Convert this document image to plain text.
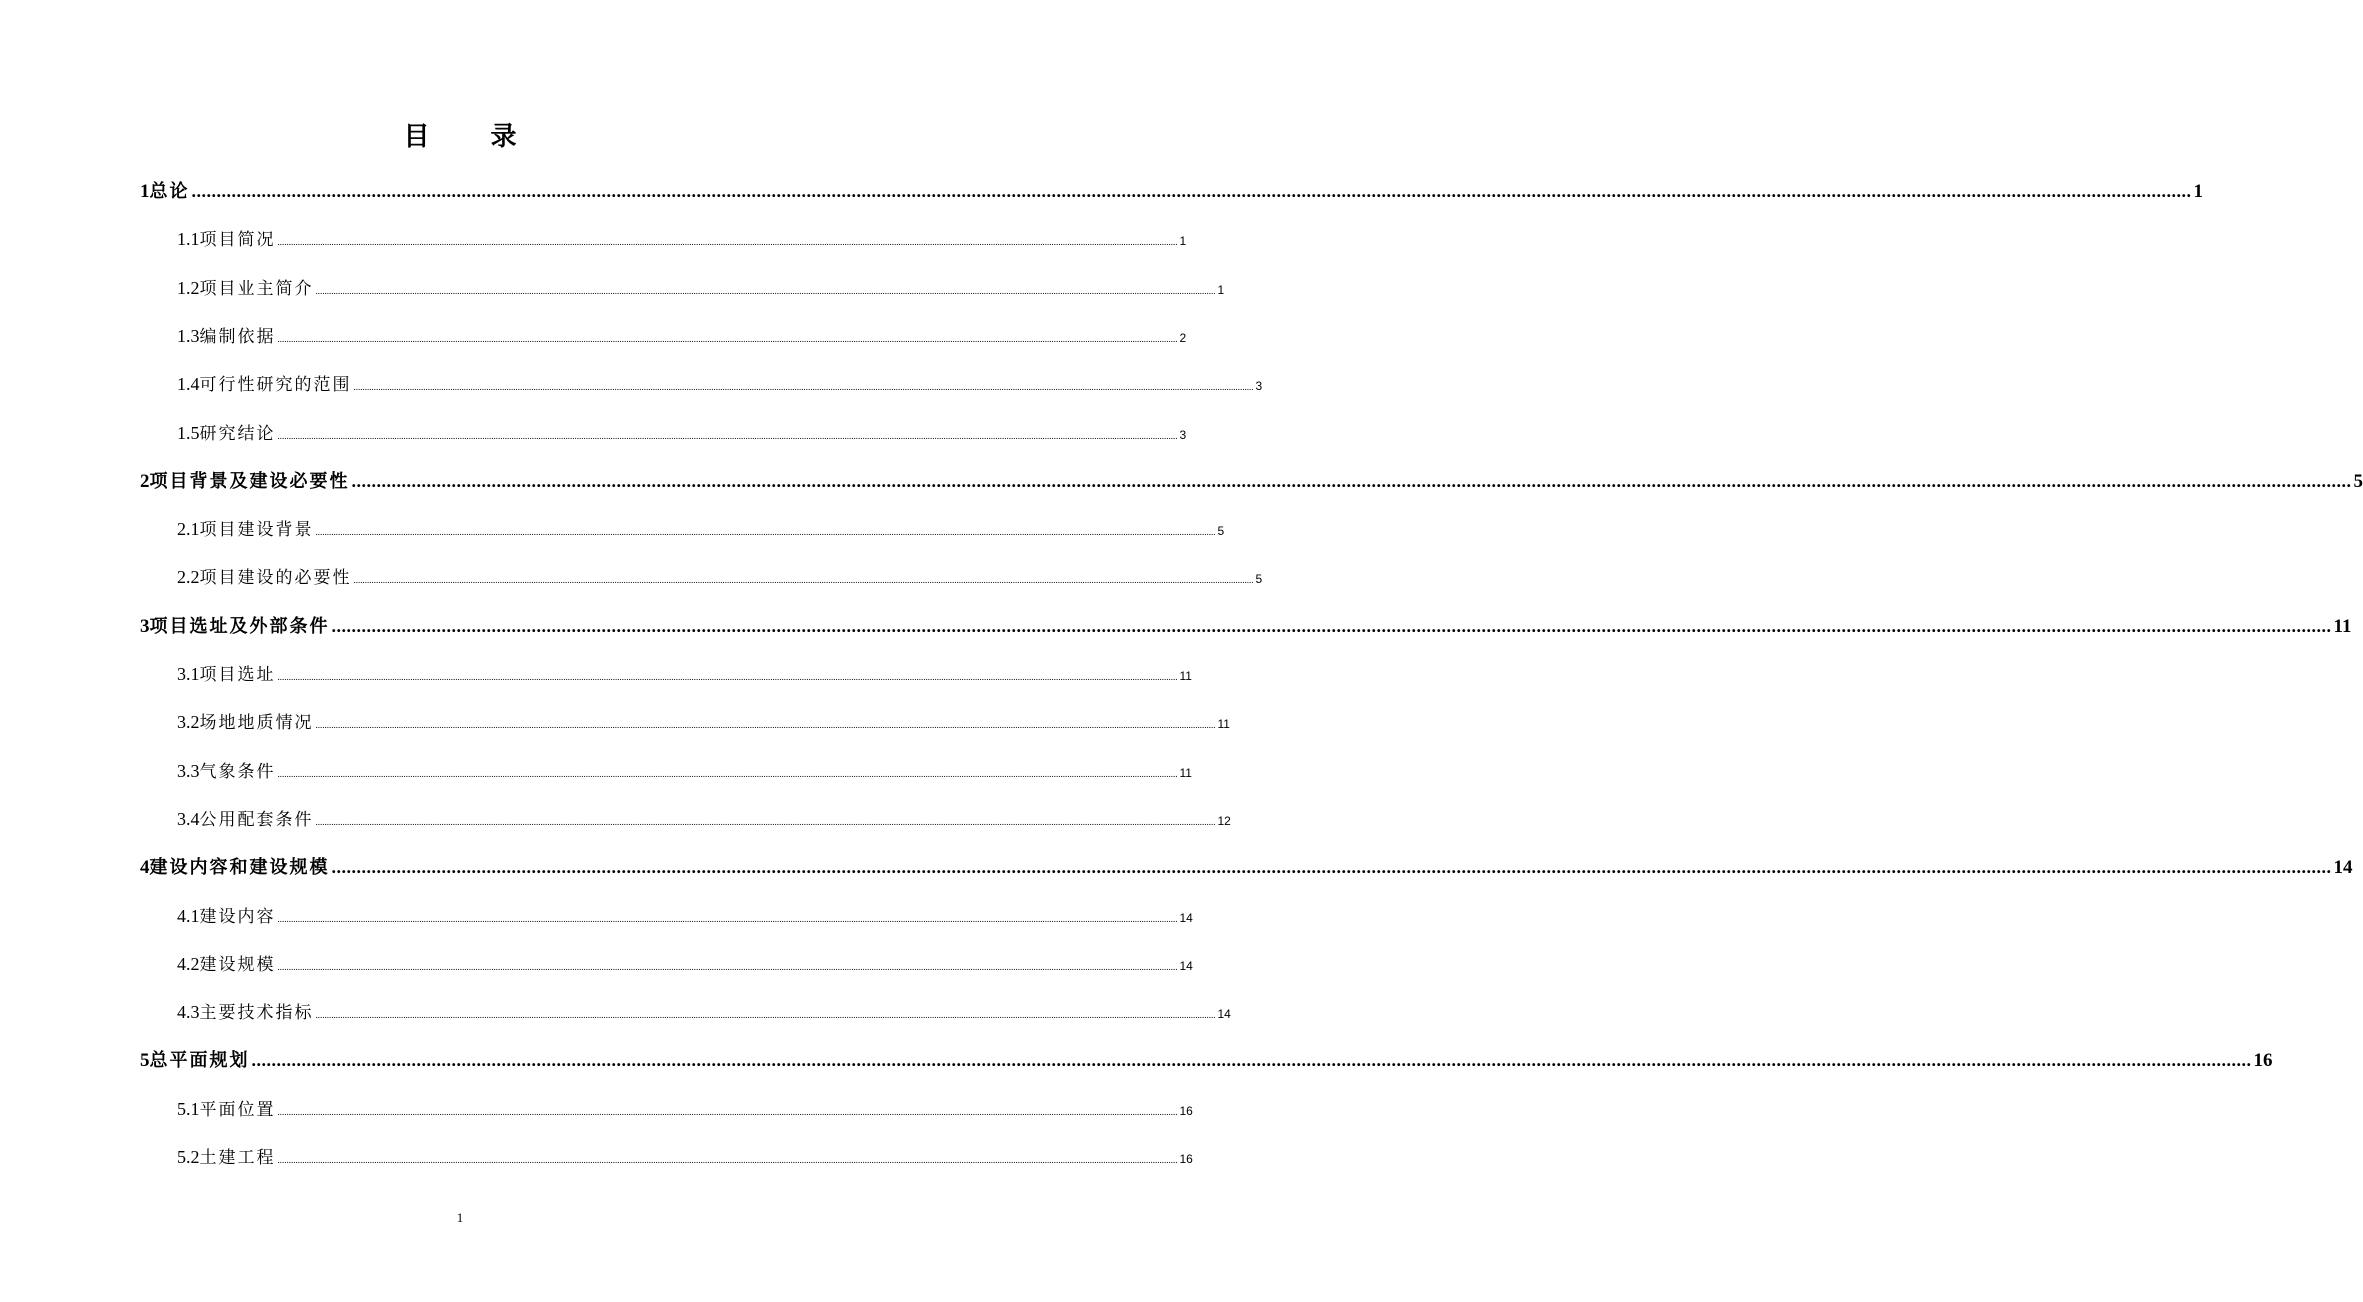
目 录
1 总论 ................................................................................................................................................................................................................................................................................................................................................................................................................ 1
1.1 项目简况 ................................................................................................................................................................................................................................................................................................................................................................................................................ 1
1.2 项目业主简介 ................................................................................................................................................................................................................................................................................................................................................................................................................ 1
1.3 编制依据 ................................................................................................................................................................................................................................................................................................................................................................................................................ 2
1.4 可行性研究的范围 ................................................................................................................................................................................................................................................................................................................................................................................................................ 3
1.5 研究结论 ................................................................................................................................................................................................................................................................................................................................................................................................................ 3
2 项目背景及建设必要性 ................................................................................................................................................................................................................................................................................................................................................................................................................ 5
2.1 项目建设背景 ................................................................................................................................................................................................................................................................................................................................................................................................................ 5
2.2 项目建设的必要性 ................................................................................................................................................................................................................................................................................................................................................................................................................ 5
3 项目选址及外部条件 ................................................................................................................................................................................................................................................................................................................................................................................................................ 11
3.1 项目选址 ................................................................................................................................................................................................................................................................................................................................................................................................................ 11
3.2 场地地质情况 ................................................................................................................................................................................................................................................................................................................................................................................................................ 11
3.3 气象条件 ................................................................................................................................................................................................................................................................................................................................................................................................................ 11
3.4 公用配套条件 ................................................................................................................................................................................................................................................................................................................................................................................................................ 12
4 建设内容和建设规模 ................................................................................................................................................................................................................................................................................................................................................................................................................ 14
4.1 建设内容 ................................................................................................................................................................................................................................................................................................................................................................................................................ 14
4.2 建设规模 ................................................................................................................................................................................................................................................................................................................................................................................................................ 14
4.3 主要技术指标 ................................................................................................................................................................................................................................................................................................................................................................................................................ 14
5 总平面规划 ................................................................................................................................................................................................................................................................................................................................................................................................................ 16
5.1 平面位置 ................................................................................................................................................................................................................................................................................................................................................................................................................ 16
5.2 土建工程 ................................................................................................................................................................................................................................................................................................................................................................................................................ 16
1
